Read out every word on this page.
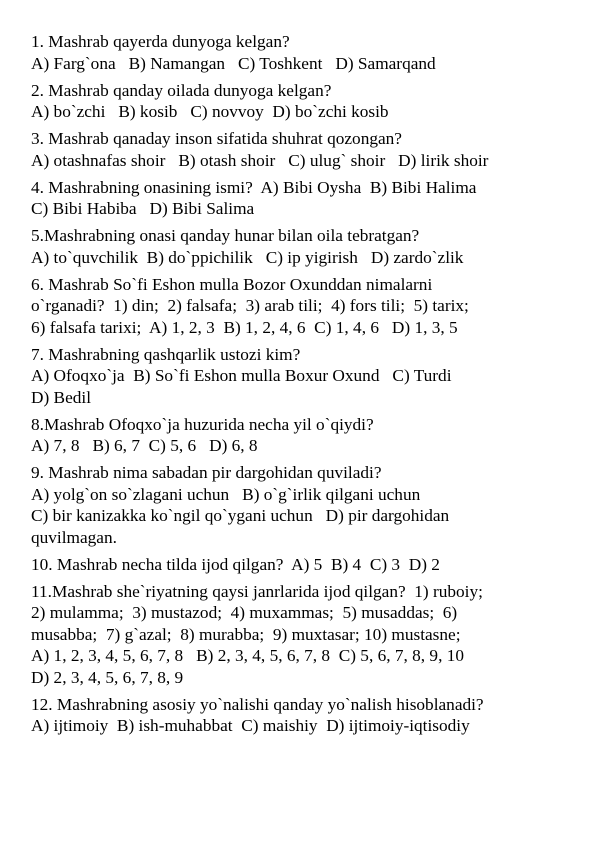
1. Mashrab qayerda dunyoga kelgan?
A) Farg`ona   B) Namangan   C) Toshkent   D) Samarqand
2. Mashrab qanday oilada dunyoga kelgan?
A) bo`zchi   B) kosib   C) novvoy  D) bo`zchi kosib
3. Mashrab qanaday inson sifatida shuhrat qozongan?
A) otashnafas shoir   B) otash shoir   C) ulug` shoir   D) lirik shoir
4. Mashrabning onasining ismi?  A) Bibi Oysha  B) Bibi Halima
C) Bibi Habiba   D) Bibi Salima
5.Mashrabning onasi qanday hunar bilan oila tebratgan?
A) to`quvchilik  B) do`ppichilik   C) ip yigirish   D) zardo`zlik
6. Mashrab So`fi Eshon mulla Bozor Oxunddan nimalarni
o`rganadi?  1) din;  2) falsafa;  3) arab tili;  4) fors tili;  5) tarix;
6) falsafa tarixi;  A) 1, 2, 3  B) 1, 2, 4, 6  C) 1, 4, 6   D) 1, 3, 5
7. Mashrabning qashqarlik ustozi kim?
A) Ofoqxo`ja  B) So`fi Eshon mulla Boxur Oxund   C) Turdi
D) Bedil
8.Mashrab Ofoqxo`ja huzurida necha yil o`qiydi?
A) 7, 8   B) 6, 7  C) 5, 6   D) 6, 8
9. Mashrab nima sabadan pir dargohidan quviladi?
A) yolg`on so`zlagani uchun   B) o`g`irlik qilgani uchun
C) bir kanizakka ko`ngil qo`ygani uchun   D) pir dargohidan
quvilmagan.
10. Mashrab necha tilda ijod qilgan?  A) 5  B) 4  C) 3  D) 2
11.Mashrab she`riyatning qaysi janrlarida ijod qilgan?  1) ruboiy;
2) mulamma;  3) mustazod;  4) muxammas;  5) musaddas;  6)
musabba;  7) g`azal;  8) murabba;  9) muxtasar; 10) mustasne;
A) 1, 2, 3, 4, 5, 6, 7, 8   B) 2, 3, 4, 5, 6, 7, 8  C) 5, 6, 7, 8, 9, 10
D) 2, 3, 4, 5, 6, 7, 8, 9
12. Mashrabning asosiy yo`nalishi qanday yo`nalish hisoblanadi?
A) ijtimoiy  B) ish-muhabbat  C) maishiy  D) ijtimoiy-iqtisodiy
